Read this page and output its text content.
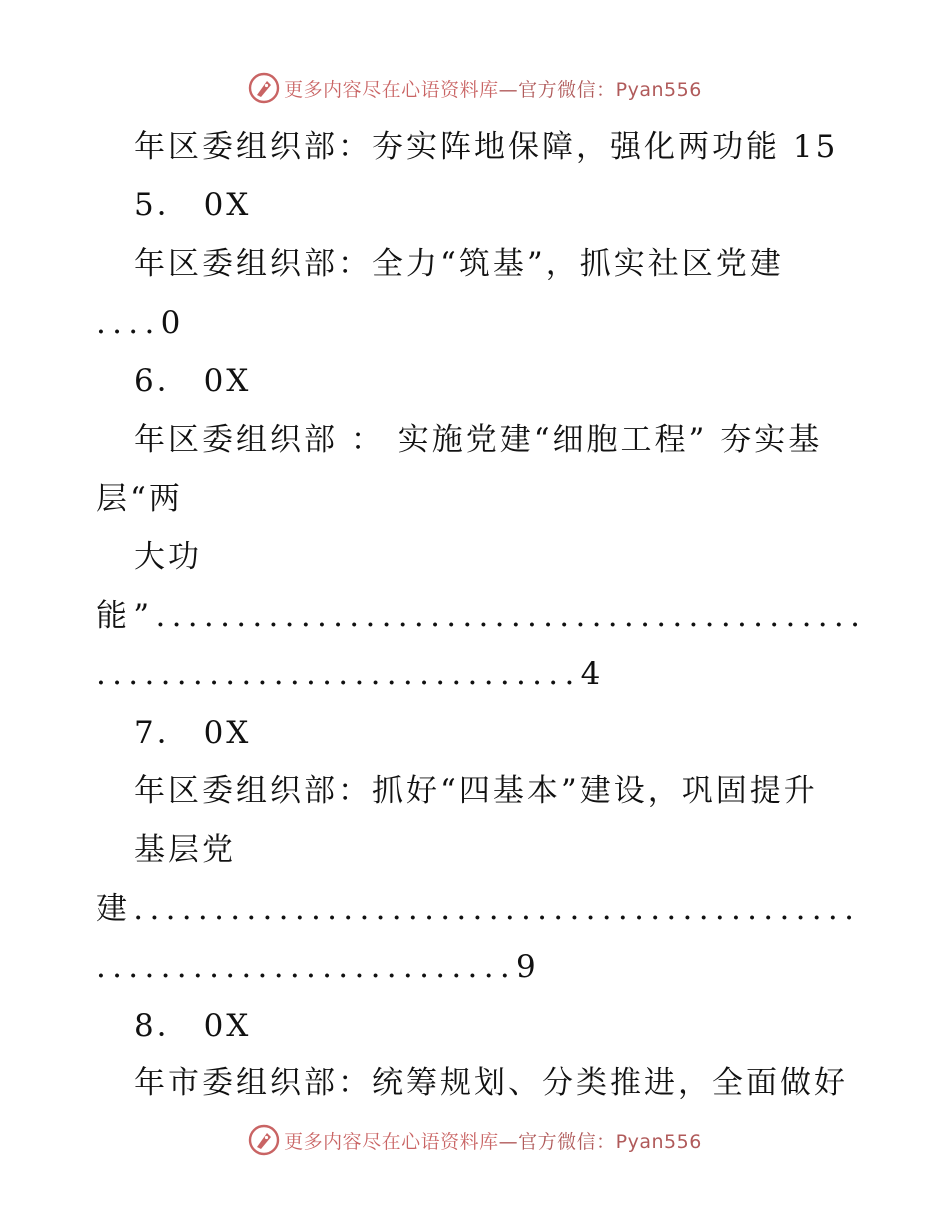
更多内容尽在心语资料库—官方微信：Pyan556
年区委组织部：夯实阵地保障，强化两功能 15
5． 0X
年区委组织部：全力“筑基”，抓实社区党建
....0
6． 0X
年区委组织部 ： 实施党建“细胞工程” 夯实基
层“两
大功
能”............................................
..............................4
7． 0X
年区委组织部：抓好“四基本”建设，巩固提升
基层党
建.............................................
..........................9
8． 0X
年市委组织部：统筹规划、分类推进，全面做好
更多内容尽在心语资料库—官方微信：Pyan556
